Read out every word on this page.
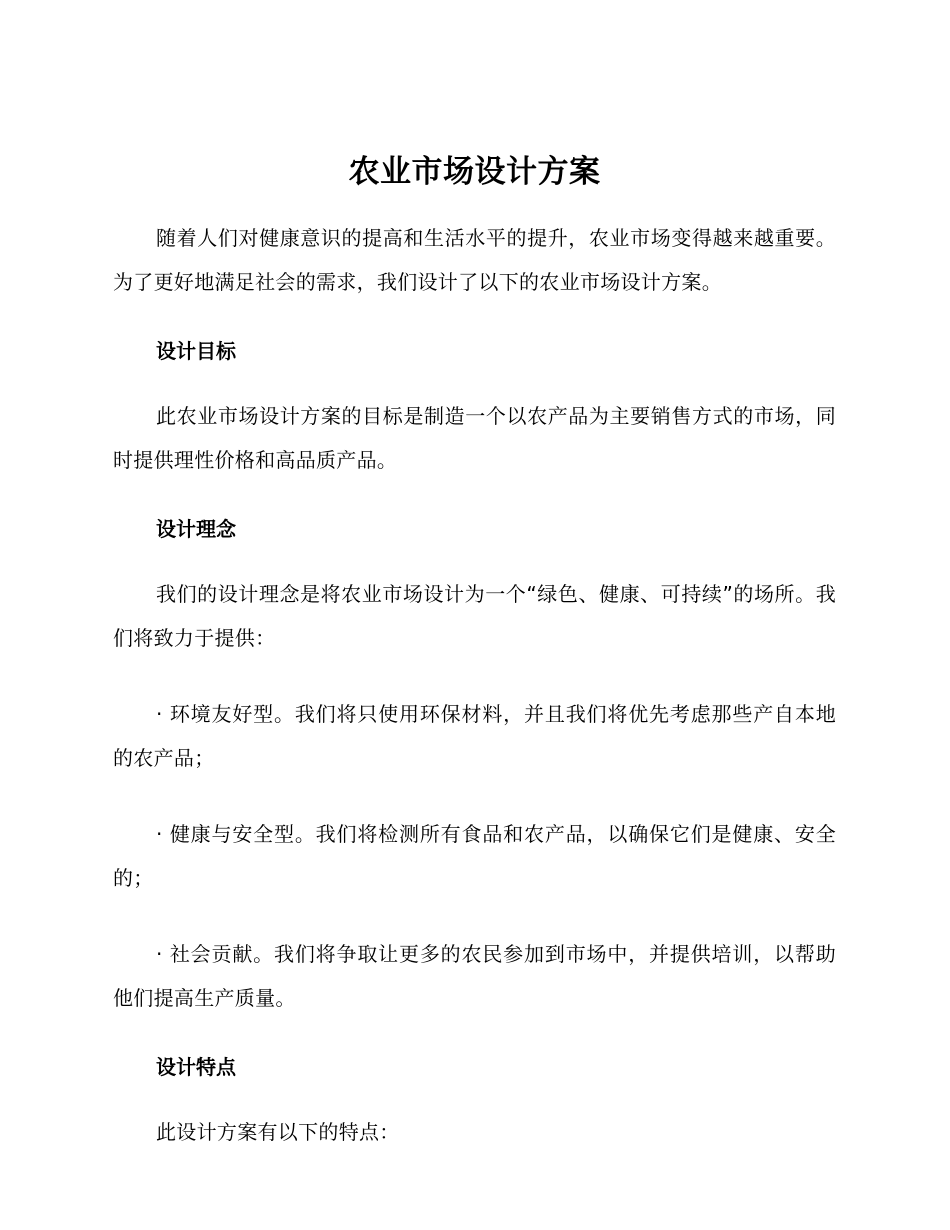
农业市场设计方案

随着人们对健康意识的提高和生活水平的提升，农业市场变得越来越重要。为了更好地满足社会的需求，我们设计了以下的农业市场设计方案。

设计目标

此农业市场设计方案的目标是制造一个以农产品为主要销售方式的市场，同时提供理性价格和高品质产品。

设计理念

我们的设计理念是将农业市场设计为一个“绿色、健康、可持续”的场所。我们将致力于提供：

· 环境友好型。我们将只使用环保材料，并且我们将优先考虑那些产自本地的农产品；

· 健康与安全型。我们将检测所有食品和农产品，以确保它们是健康、安全的；

· 社会贡献。我们将争取让更多的农民参加到市场中，并提供培训，以帮助他们提高生产质量。

设计特点

此设计方案有以下的特点：
